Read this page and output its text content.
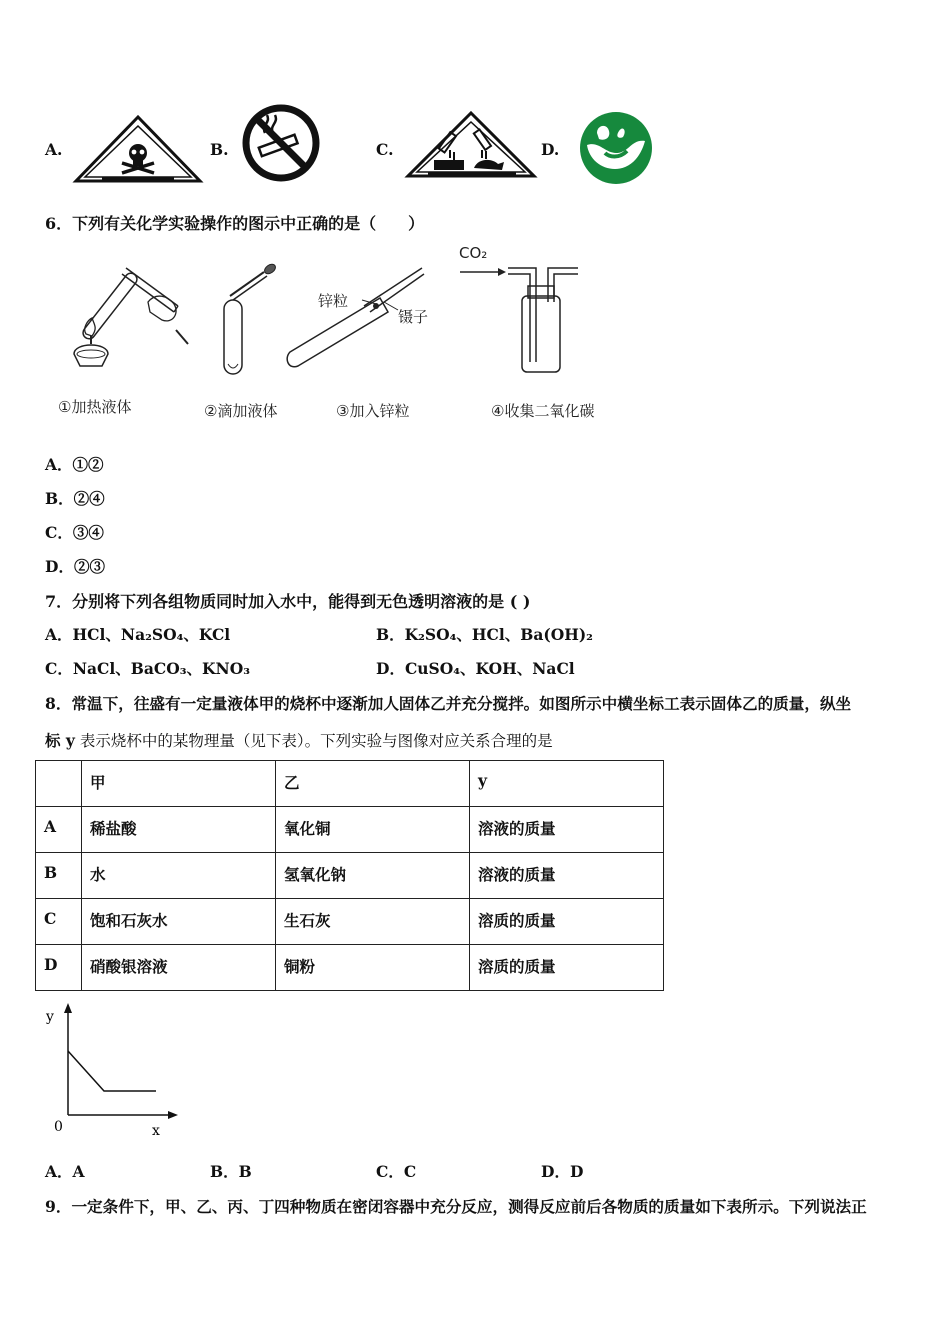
A.	B.	C.	D.
6．下列有关化学实验操作的图示中正确的是（　　）
①加热液体	②滴加液体
锌粒
镊子
③加入锌粒
CO₂
④收集二氧化碳
A．①②
B．②④
C．③④
D．②③
7．分别将下列各组物质同时加入水中，能得到无色透明溶液的是 ( )
A．HCl、Na₂SO₄、KCl	B．K₂SO₄、HCl、Ba(OH)₂
C．NaCl、BaCO₃、KNO₃	D．CuSO₄、KOH、NaCl
8．常温下，往盛有一定量液体甲的烧杯中逐渐加人固体乙并充分搅拌。如图所示中横坐标工表示固体乙的质量，纵坐
标 y 表示烧杯中的某物理量（见下表）。下列实验与图像对应关系合理的是
	甲	乙	y
A	稀盐酸	氧化铜	溶液的质量
B	水	氢氧化钠	溶液的质量
C	饱和石灰水	生石灰	溶质的质量
D	硝酸银溶液	铜粉	溶质的质量
y
x
0
A．A	B．B	C．C	D．D
9．一定条件下，甲、乙、丙、丁四种物质在密闭容器中充分反应，测得反应前后各物质的质量如下表所示。下列说法正
